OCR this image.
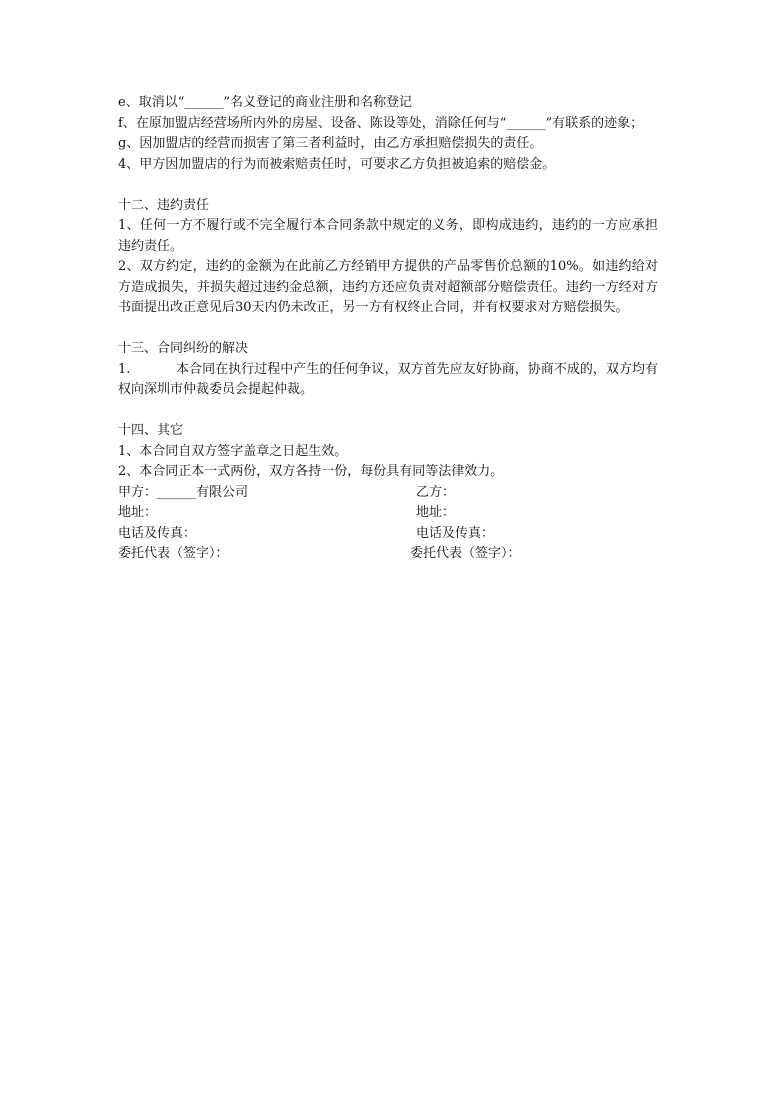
e、取消以“______”名义登记的商业注册和名称登记
f、在原加盟店经营场所内外的房屋、设备、陈设等处，消除任何与“______”有联系的迹象；
g、因加盟店的经营而损害了第三者利益时，由乙方承担赔偿损失的责任。
4、甲方因加盟店的行为而被索赔责任时，可要求乙方负担被追索的赔偿金。
十二、违约责任
1、任何一方不履行或不完全履行本合同条款中规定的义务，即构成违约，违约的一方应承担违约责任。
2、双方约定，违约的金额为在此前乙方经销甲方提供的产品零售价总额的10%。如违约给对方造成损失，并损失超过违约金总额，违约方还应负责对超额部分赔偿责任。违约一方经对方书面提出改正意见后30天内仍未改正，另一方有权终止合同，并有权要求对方赔偿损失。
十三、合同纠纷的解决
1.	本合同在执行过程中产生的任何争议，双方首先应友好协商，协商不成的，双方均有权向深圳市仲裁委员会提起仲裁。
十四、其它
1、本合同自双方签字盖章之日起生效。
2、本合同正本一式两份，双方各持一份，每份具有同等法律效力。
甲方：______有限公司	乙方：
地址：	地址：
电话及传真：	电话及传真：
委托代表（签字）：	委托代表（签字）：
